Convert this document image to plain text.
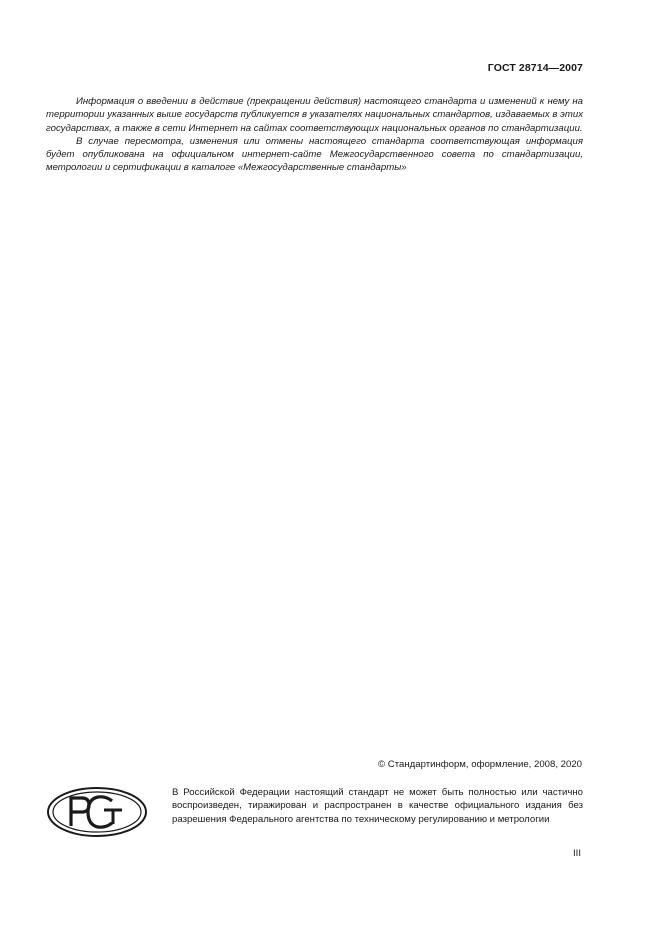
ГОСТ 28714—2007

Информация о введении в действие (прекращении действия) настоящего стандарта и изменений к нему на территории указанных выше государств публикуется в указателях национальных стандартов, издаваемых в этих государствах, а также в сети Интернет на сайтах соответствующих национальных органов по стандартизации.

В случае пересмотра, изменения или отмены настоящего стандарта соответствующая информация будет опубликована на официальном интернет-сайте Межгосударственного совета по стандартизации, метрологии и сертификации в каталоге «Межгосударственные стандарты»

© Стандартинформ, оформление, 2008, 2020
В Российской Федерации настоящий стандарт не может быть полностью или частично воспроизведен, тиражирован и распространен в качестве официального издания без разрешения Федерального агентства по техническому регулированию и метрологии
III
